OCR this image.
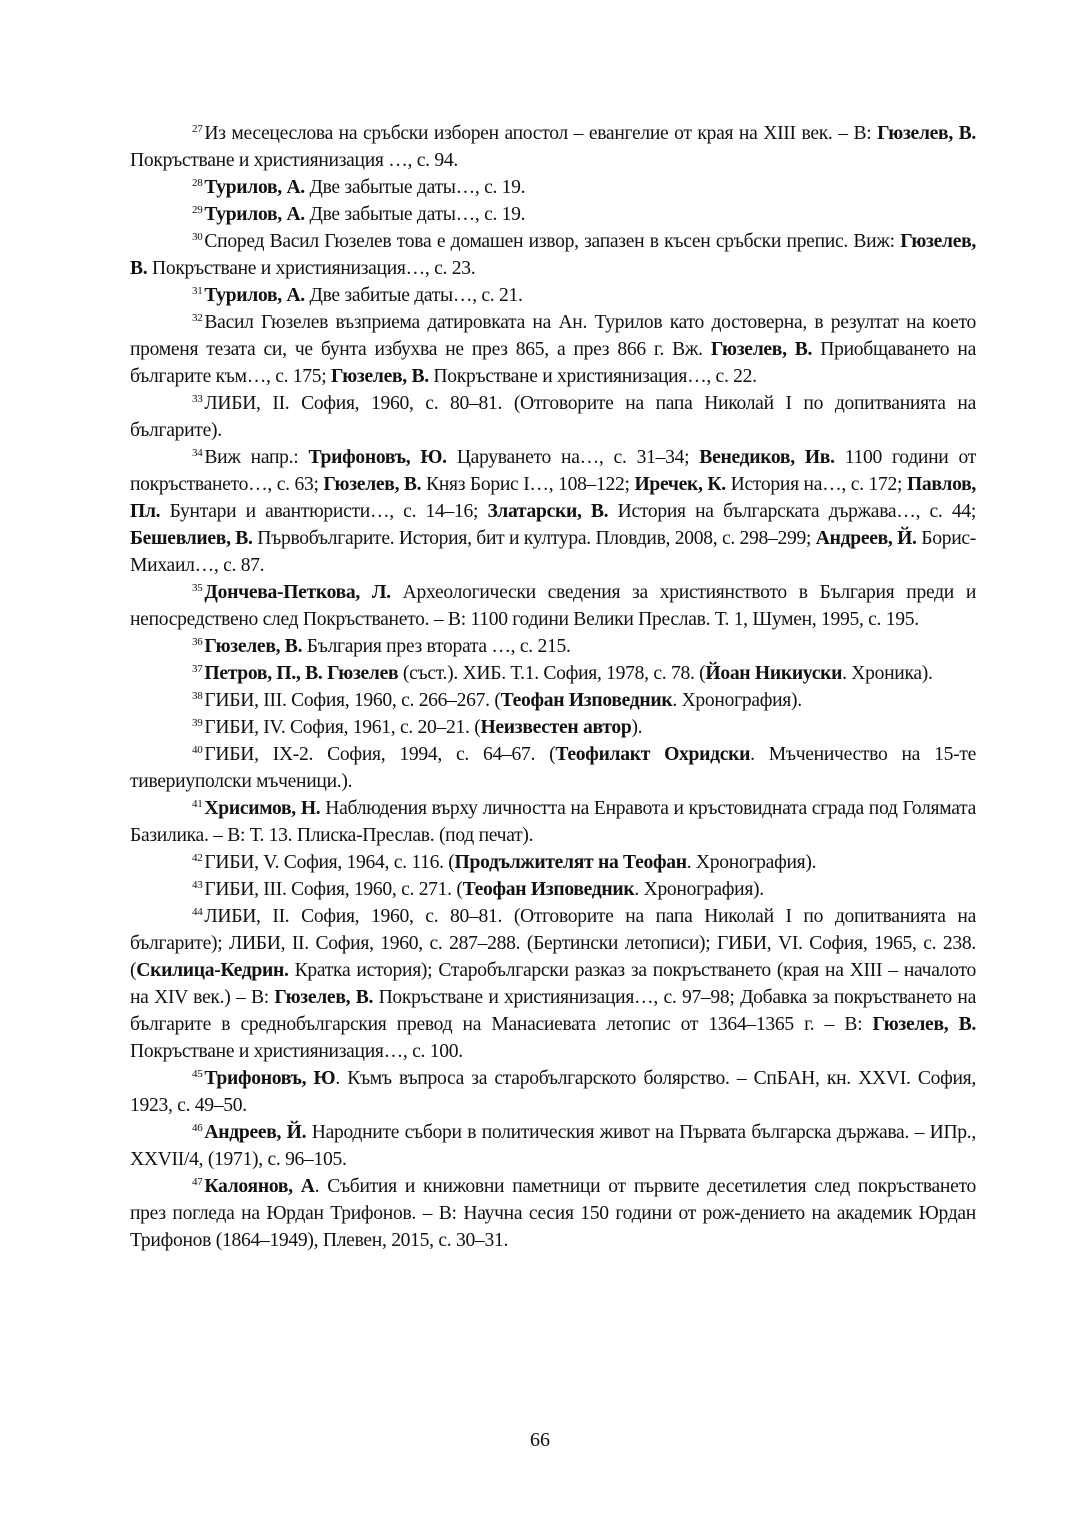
$^{27}$ Из месецеслова на сръбски изборен апостол – евангелие от края на XIII век. – В: Гюзелев, В. Покръстване и християнизация …, с. 94.

$^{28}$ Турилов, А. Две забытые даты…, с. 19.

$^{29}$ Турилов, А. Две забытые даты…, с. 19.

$^{30}$ Според Васил Гюзелев това е домашен извор, запазен в късен сръбски препис. Виж: Гюзелев, В. Покръстване и християнизация…, с. 23.

$^{31}$ Турилов, А. Две забитые даты…, с. 21.

$^{32}$ Васил Гюзелев възприема датировката на Ан. Турилов като достоверна, в резултат на което променя тезата си, че бунта избухва не през 865, а през 866 г. Вж. Гюзелев, В. Приобщаването на българите към…, с. 175; Гюзелев, В. Покръстване и християнизация…, с. 22.

$^{33}$ ЛИБИ, II. София, 1960, с. 80–81. (Отговорите на папа Николай I по допитванията на българите).

$^{34}$ Виж напр.: Трифоновъ, Ю. Царуването на…, с. 31–34; Венедиков, Ив. 1100 години от покръстването…, с. 63; Гюзелев, В. Княз Борис I…, 108–122; Иречек, К. История на…, с. 172; Павлов, Пл. Бунтари и авантюристи…, с. 14–16; Златарски, В. История на българската държава…, с. 44; Бешевлиев, В. Първобългарите. История, бит и култура. Пловдив, 2008, с. 298–299; Андреев, Й. Борис-Михаил…, с. 87.

$^{35}$ Дончева-Петкова, Л. Археологически сведения за християнството в България преди и непосредствено след Покръстването. – В: 1100 години Велики Преслав. Т. 1, Шумен, 1995, с. 195.

$^{36}$ Гюзелев, В. България през втората …, с. 215.

$^{37}$ Петров, П., В. Гюзелев (съст.). ХИБ. Т.1. София, 1978, с. 78. (Йоан Никиуски. Хроника).

$^{38}$ ГИБИ, III. София, 1960, с. 266–267. (Теофан Изповедник. Хронография).

$^{39}$ ГИБИ, IV. София, 1961, с. 20–21. (Неизвестен автор).

$^{40}$ ГИБИ, IX-2. София, 1994, с. 64–67. (Теофилакт Охридски. Мъченичество на 15-те тивериуполски мъченици.).

$^{41}$ Хрисимов, Н. Наблюдения върху личността на Енравота и кръстовидната сграда под Голямата Базилика. – В: Т. 13. Плиска-Преслав. (под печат).

$^{42}$ ГИБИ, V. София, 1964, с. 116. (Продължителят на Теофан. Хронография).

$^{43}$ ГИБИ, III. София, 1960, с. 271. (Теофан Изповедник. Хронография).

$^{44}$ ЛИБИ, II. София, 1960, с. 80–81. (Отговорите на папа Николай I по допитванията на българите); ЛИБИ, II. София, 1960, с. 287–288. (Бертински летописи); ГИБИ, VI. София, 1965, с. 238. (Скилица-Кедрин. Кратка история); Старобългарски разказ за покръстването (края на XIII – началото на XIV век.) – В: Гюзелев, В. Покръстване и християнизация…, с. 97–98; Добавка за покръстването на българите в среднобългарския превод на Манасиевата летопис от 1364–1365 г. – В: Гюзелев, В. Покръстване и християнизация…, с. 100.

$^{45}$ Трифоновъ, Ю. Къмъ въпроса за старобългарското болярство. – СпБАН, кн. XXVI. София, 1923, с. 49–50.

$^{46}$ Андреев, Й. Народните събори в политическия живот на Първата българска държава. – ИПр., XXVII/4, (1971), с. 96–105.

$^{47}$ Калоянов, А. Събития и книжовни паметници от първите десетилетия след покръстването през погледа на Юрдан Трифонов. – В: Научна сесия 150 години от рож-дението на академик Юрдан Трифонов (1864–1949), Плевен, 2015, с. 30–31.

66
